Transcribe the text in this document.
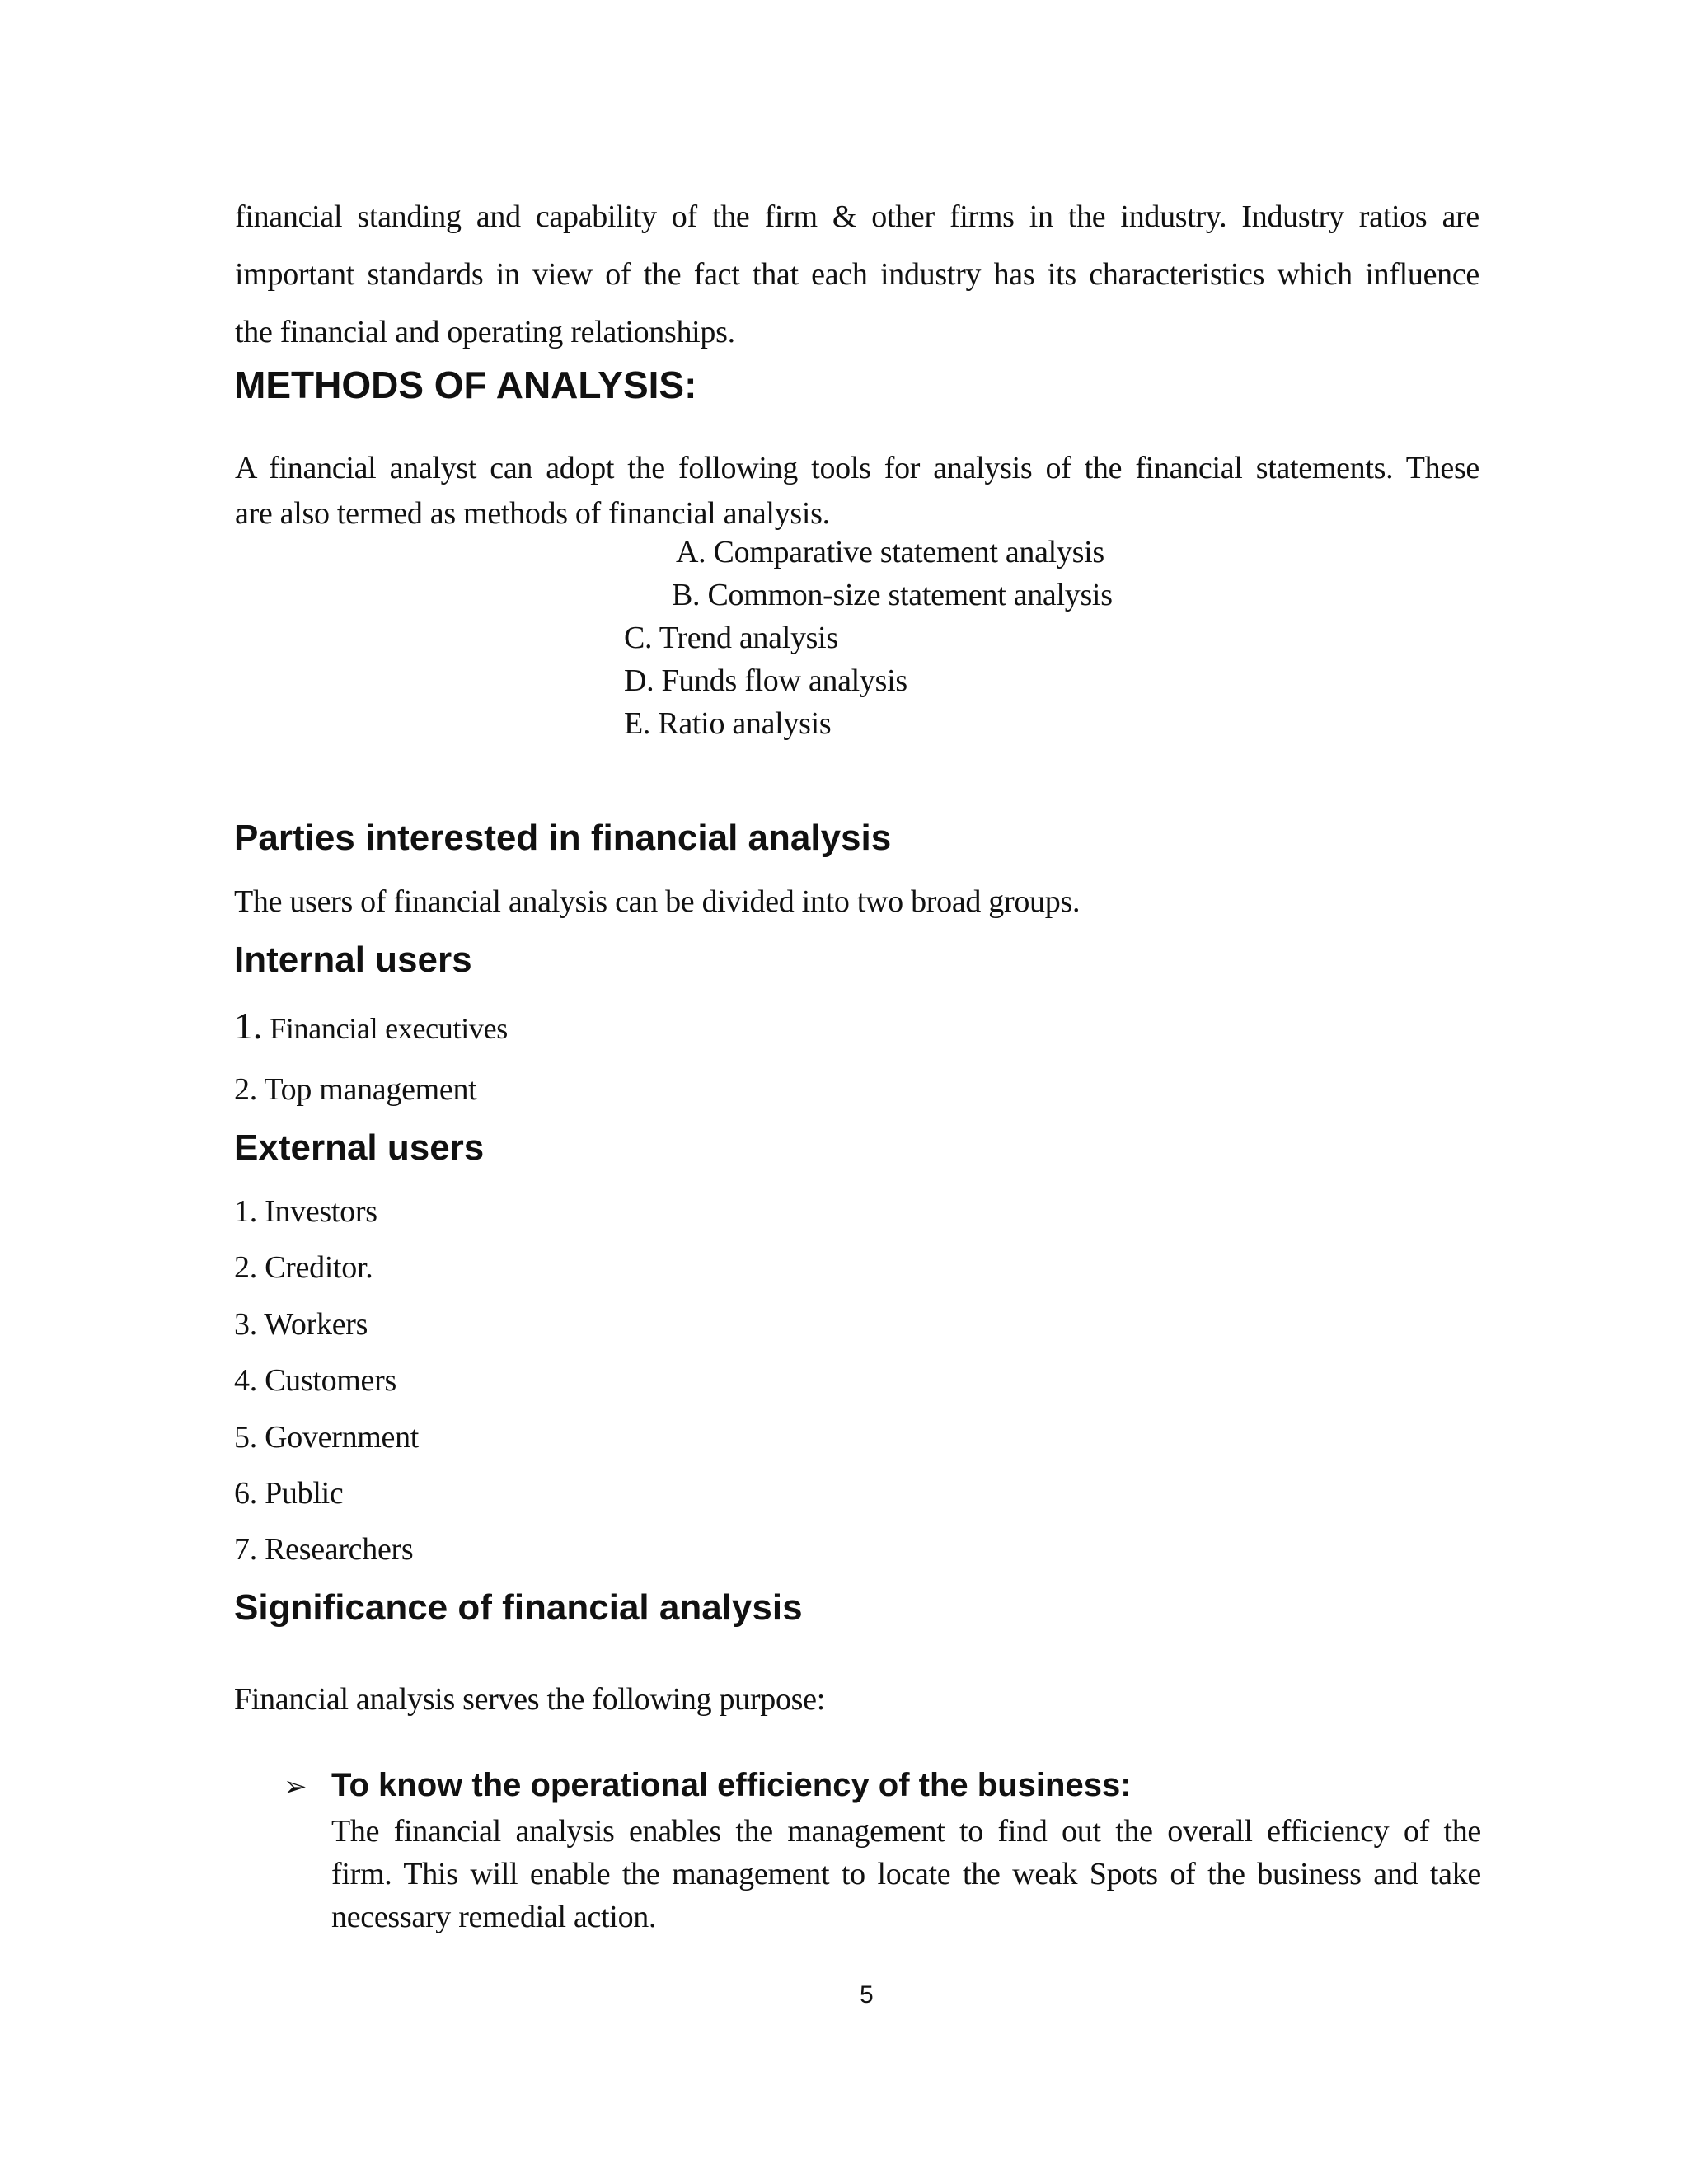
financial standing and capability of the firm & other firms in the industry. Industry ratios are
important standards in view of the fact that each industry has its characteristics which influence
the financial and operating relationships.
METHODS OF ANALYSIS:
A financial analyst can adopt the following tools for analysis of the financial statements. These
are also termed as methods of financial analysis.
A. Comparative statement analysis
B. Common-size statement analysis
C. Trend analysis
D. Funds flow analysis
E. Ratio analysis
Parties interested in financial analysis
The users of financial analysis can be divided into two broad groups.
Internal users
1. Financial executives
2. Top management
External users
1. Investors
2. Creditor.
3. Workers
4. Customers
5. Government
6. Public
7. Researchers
Significance of financial analysis
Financial analysis serves the following purpose:
➢ To know the operational efficiency of the business:
The financial analysis enables the management to find out the overall efficiency of the
firm. This will enable the management to locate the weak Spots of the business and take
necessary remedial action.
5
